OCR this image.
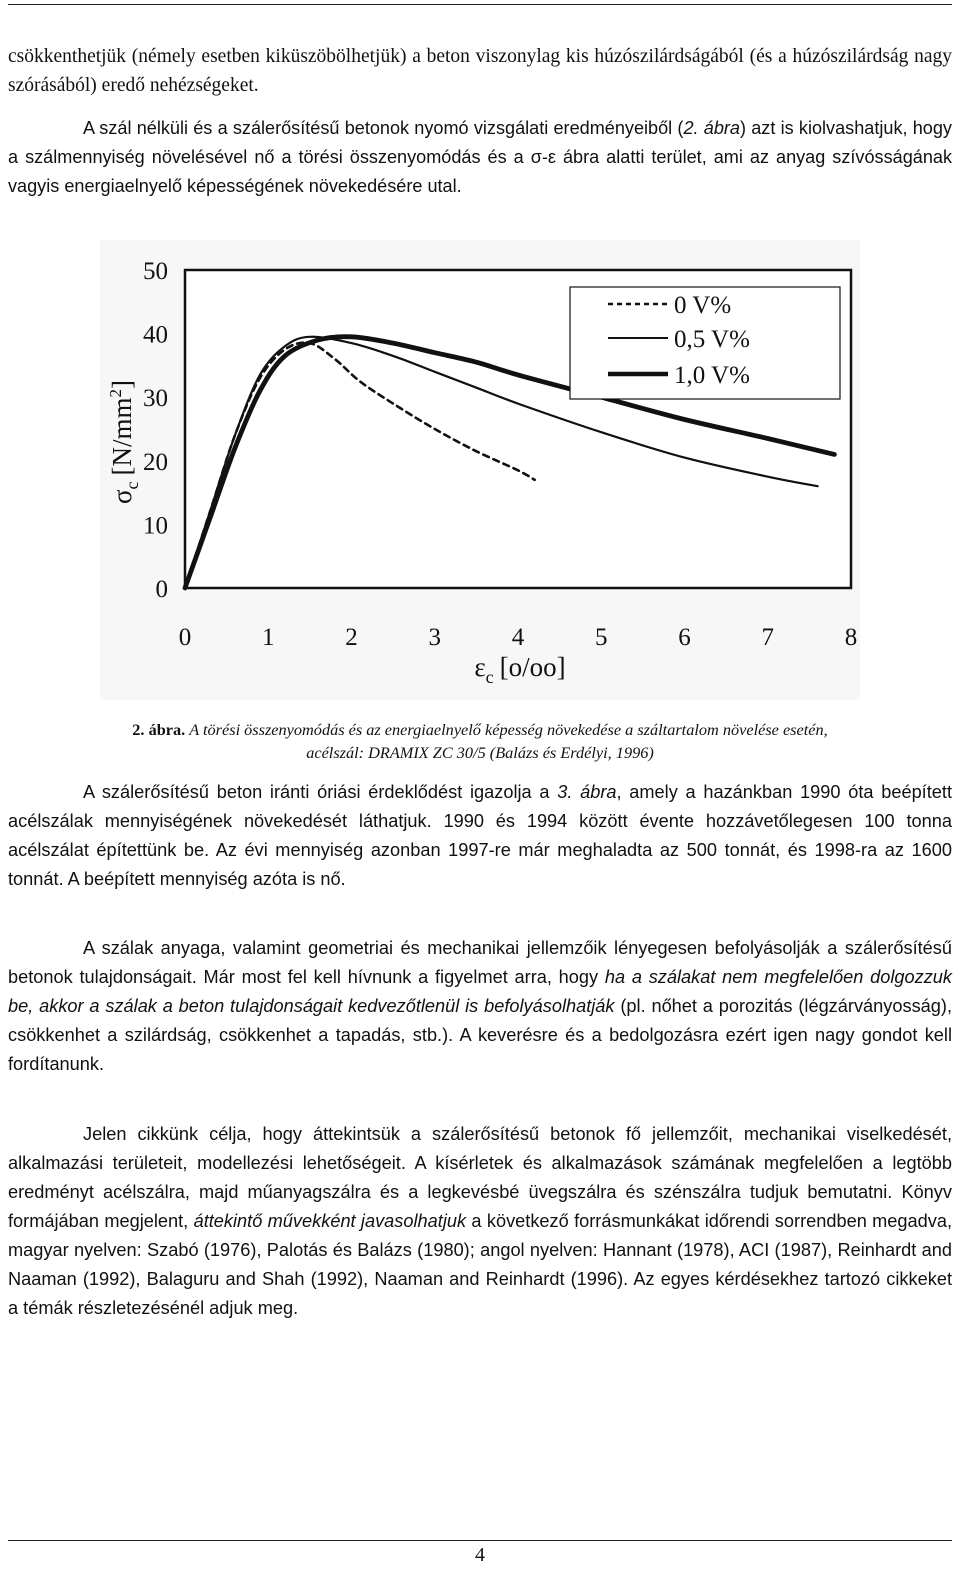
csökkenthetjük (némely esetben kiküszöbölhetjük) a beton viszonylag kis húzószilárdságából (és a húzószilárdság nagy szórásából) eredő nehézségeket.

A szál nélküli és a szálerősítésű betonok nyomó vizsgálati eredményeiből (2. ábra) azt is kiolvashatjuk, hogy a szálmennyiség növelésével nő a törési összenyomódás és a σ-ε ábra alatti terület, ami az anyag szívósságának vagyis energiaelnyelő képességének növekedésére utal.

0
10
20
30
40
50
0	1	2	3	4	5	6	7	8
0 V%
0,5 V%
1,0 V%
$\sigma_c[N/mm^2]$
$\varepsilon_c$ [o/oo]

2. ábra. A törési összenyomódás és az energiaelnyelő képesség növekedése a száltartalom növelése esetén,

acélszál: DRAMIX ZC 30/5 (Balázs és Erdélyi, 1996)

A szálerősítésű beton iránti óriási érdeklődést igazolja a 3. ábra, amely a hazánkban 1990 óta beépített acélszálak mennyiségének növekedését láthatjuk. 1990 és 1994 között évente hozzávetőlegesen 100 tonna acélszálat építettünk be. Az évi mennyiség azonban 1997-re már meghaladta az 500 tonnát, és 1998-ra az 1600 tonnát. A beépített mennyiség azóta is nő.

A szálak anyaga, valamint geometriai és mechanikai jellemzőik lényegesen befolyásolják a szálerősítésű betonok tulajdonságait. Már most fel kell hívnunk a figyelmet arra, hogy ha a szálakat nem megfelelően dolgozzuk be, akkor a szálak a beton tulajdonságait kedvezőtlenül is befolyásolhatják (pl. nőhet a porozitás (légzárványosság), csökkenhet a szilárdság, csökkenhet a tapadás, stb.). A keverésre és a bedolgozásra ezért igen nagy gondot kell fordítanunk.

Jelen cikkünk célja, hogy áttekintsük a szálerősítésű betonok fő jellemzőit, mechanikai viselkedését, alkalmazási területeit, modellezési lehetőségeit. A kísérletek és alkalmazások számának megfelelően a legtöbb eredményt acélszálra, majd műanyagszálra és a legkevésbé üvegszálra és szénszálra tudjuk bemutatni. Könyv formájában megjelent, áttekintő művekként javasolhatjuk a következő forrásmunkákat időrendi sorrendben megadva, magyar nyelven: Szabó (1976), Palotás és Balázs (1980); angol nyelven: Hannant (1978), ACI (1987), Reinhardt and Naaman (1992), Balaguru and Shah (1992), Naaman and Reinhardt (1996). Az egyes kérdésekhez tartozó cikkeket a témák részletezésénél adjuk meg.

4
